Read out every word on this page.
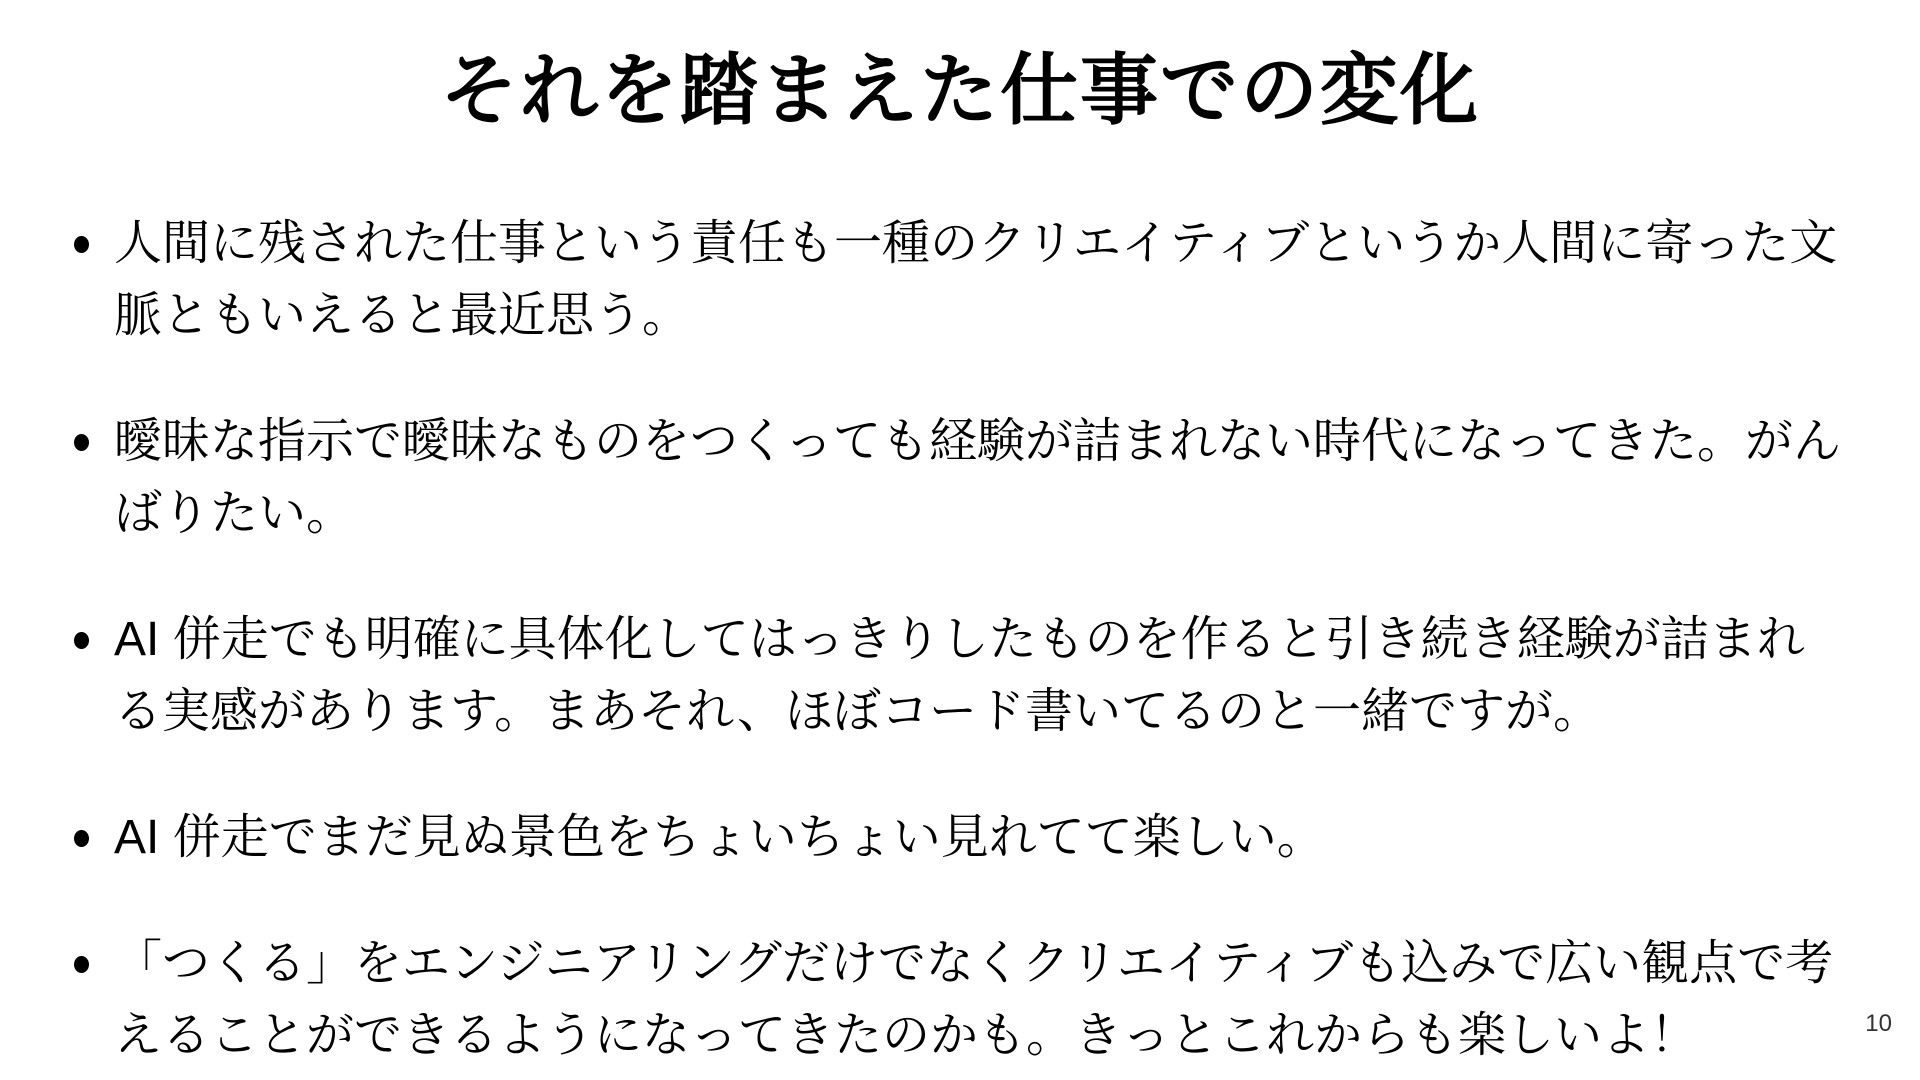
それを踏まえた仕事での変化
人間に残された仕事という責任も一種のクリエイティブというか人間に寄った文脈ともいえると最近思う。
曖昧な指示で曖昧なものをつくっても経験が詰まれない時代になってきた。がんばりたい。
AI 併走でも明確に具体化してはっきりしたものを作ると引き続き経験が詰まれる実感があります。まあそれ、ほぼコード書いてるのと一緒ですが。
AI 併走でまだ見ぬ景色をちょいちょい見れてて楽しい。
「つくる」をエンジニアリングだけでなくクリエイティブも込みで広い観点で考えることができるようになってきたのかも。きっとこれからも楽しいよ！	10
